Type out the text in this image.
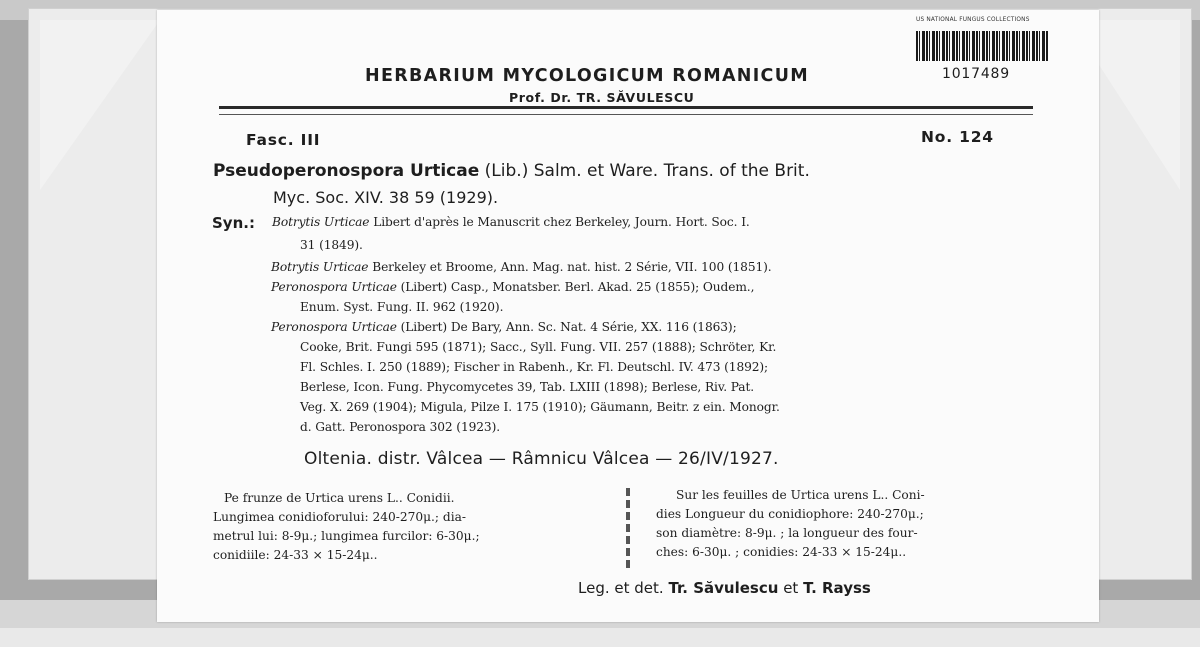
US NATIONAL FUNGUS COLLECTIONS
1017489
HERBARIUM MYCOLOGICUM ROMANICUM
Prof. Dr. TR. SĂVULESCU
Fasc. III	No. 124
Pseudoperonospora Urticae (Lib.) Salm. et Ware. Trans. of the Brit.
Myc. Soc. XIV. 38 59 (1929).
Syn.: Botrytis Urticae Libert d'après le Manuscrit chez Berkeley, Journ. Hort. Soc. I.
31 (1849).
Botrytis Urticae Berkeley et Broome, Ann. Mag. nat. hist. 2 Série, VII. 100 (1851).
Peronospora Urticae (Libert) Casp., Monatsber. Berl. Akad. 25 (1855); Oudem.,
Enum. Syst. Fung. II. 962 (1920).
Peronospora Urticae (Libert) De Bary, Ann. Sc. Nat. 4 Série, XX. 116 (1863);
Cooke, Brit. Fungi 595 (1871); Sacc., Syll. Fung. VII. 257 (1888); Schröter, Kr.
Fl. Schles. I. 250 (1889); Fischer in Rabenh., Kr. Fl. Deutschl. IV. 473 (1892);
Berlese, Icon. Fung. Phycomycetes 39, Tab. LXIII (1898); Berlese, Riv. Pat.
Veg. X. 269 (1904); Migula, Pilze I. 175 (1910); Gäumann, Beitr. z ein. Monogr.
d. Gatt. Peronospora 302 (1923).
Oltenia. distr. Vâlcea — Râmnicu Vâlcea — 26/IV/1927.
Pe frunze de Urtica urens L.. Conidii.
Lungimea conidioforului: 240-270μ.; dia-
metrul lui: 8-9μ.; lungimea furcilor: 6-30μ.;
conidiile: 24-33 × 15-24μ..
Sur les feuilles de Urtica urens L.. Coni-
dies Longueur du conidiophore: 240-270μ.;
son diamètre: 8-9μ. ; la longueur des four-
ches: 6-30μ. ; conidies: 24-33 × 15-24μ..
Leg. et det. Tr. Săvulescu et T. Rayss
